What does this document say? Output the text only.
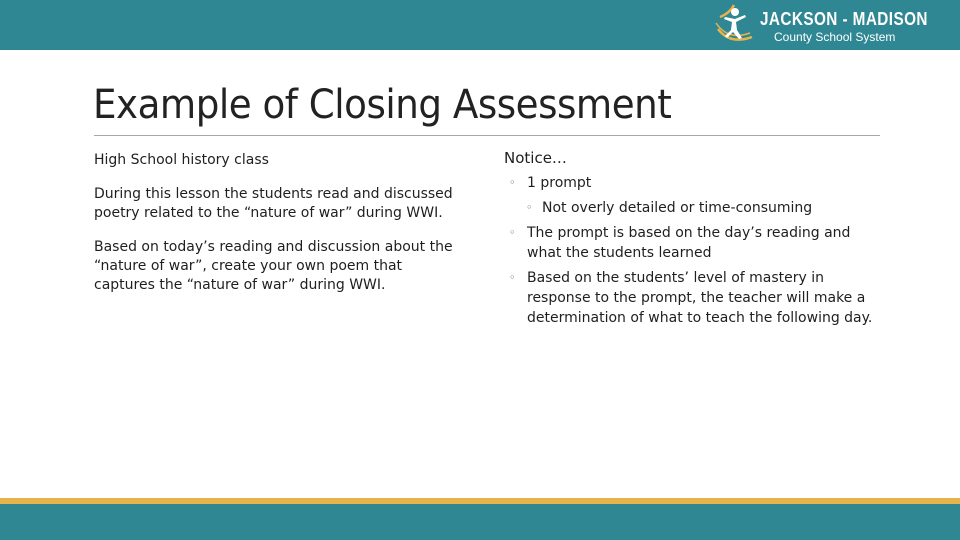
JACKSON - MADISON
County School System
Example of Closing Assessment

High School history class

During this lesson the students read and discussed poetry related to the “nature of war” during WWI.

Based on today’s reading and discussion about the “nature of war”, create your own poem that captures the “nature of war” during WWI.

Notice…

◦ 1 prompt
◦ Not overly detailed or time-consuming
◦ The prompt is based on the day’s reading and what the students learned
◦ Based on the students’ level of mastery in response to the prompt, the teacher will make a determination of what to teach the following day.
